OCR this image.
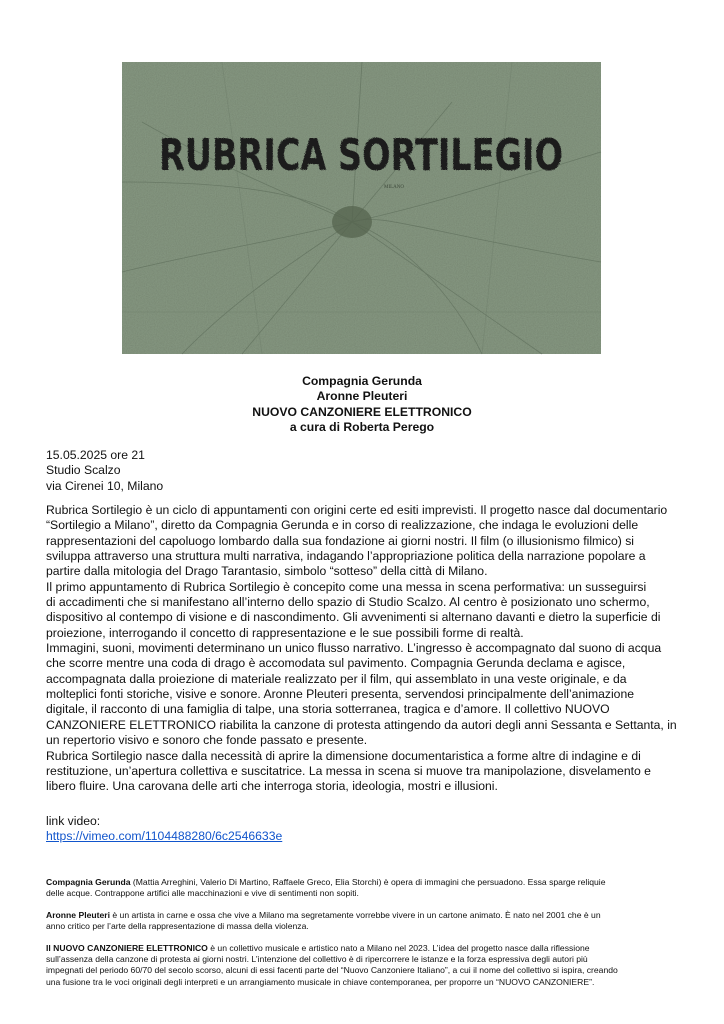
MILANO
RUBRICA SORTILEGIO
Compagnia Gerunda
Aronne Pleuteri
NUOVO CANZONIERE ELETTRONICO
a cura di Roberta Perego
15.05.2025 ore 21
Studio Scalzo
via Cirenei 10, Milano
Rubrica Sortilegio è un ciclo di appuntamenti con origini certe ed esiti imprevisti. Il progetto nasce dal documentario
“Sortilegio a Milano”, diretto da Compagnia Gerunda e in corso di realizzazione, che indaga le evoluzioni delle
rappresentazioni del capoluogo lombardo dalla sua fondazione ai giorni nostri. Il film (o illusionismo filmico) si
sviluppa attraverso una struttura multi narrativa, indagando l’appropriazione politica della narrazione popolare a
partire dalla mitologia del Drago Tarantasio, simbolo “sotteso” della città di Milano.
Il primo appuntamento di Rubrica Sortilegio è concepito come una messa in scena performativa: un susseguirsi
di accadimenti che si manifestano all’interno dello spazio di Studio Scalzo. Al centro è posizionato uno schermo,
dispositivo al contempo di visione e di nascondimento. Gli avvenimenti si alternano davanti e dietro la superficie di
proiezione, interrogando il concetto di rappresentazione e le sue possibili forme di realtà.
Immagini, suoni, movimenti determinano un unico flusso narrativo. L’ingresso è accompagnato dal suono di acqua
che scorre mentre una coda di drago è accomodata sul pavimento. Compagnia Gerunda declama e agisce,
accompagnata dalla proiezione di materiale realizzato per il film, qui assemblato in una veste originale, e da
molteplici fonti storiche, visive e sonore. Aronne Pleuteri presenta, servendosi principalmente dell’animazione
digitale, il racconto di una famiglia di talpe, una storia sotterranea, tragica e d’amore. Il collettivo NUOVO
CANZONIERE ELETTRONICO riabilita la canzone di protesta attingendo da autori degli anni Sessanta e Settanta, in
un repertorio visivo e sonoro che fonde passato e presente.
Rubrica Sortilegio nasce dalla necessità di aprire la dimensione documentaristica a forme altre di indagine e di
restituzione, un’apertura collettiva e suscitatrice. La messa in scena si muove tra manipolazione, disvelamento e
libero fluire. Una carovana delle arti che interroga storia, ideologia, mostri e illusioni.
link video:
https://vimeo.com/1104488280/6c2546633e
Compagnia Gerunda (Mattia Arreghini, Valerio Di Martino, Raffaele Greco, Elia Storchi) è opera di immagini che persuadono. Essa sparge reliquie
delle acque. Contrappone artifici alle macchinazioni e vive di sentimenti non sopiti.
Aronne Pleuteri è un artista in carne e ossa che vive a Milano ma segretamente vorrebbe vivere in un cartone animato. È nato nel 2001 che è un
anno critico per l’arte della rappresentazione di massa della violenza.
Il NUOVO CANZONIERE ELETTRONICO è un collettivo musicale e artistico nato a Milano nel 2023. L’idea del progetto nasce dalla riflessione
sull’assenza della canzone di protesta ai giorni nostri. L’intenzione del collettivo è di ripercorrere le istanze e la forza espressiva degli autori più
impegnati del periodo 60/70 del secolo scorso, alcuni di essi facenti parte del “Nuovo Canzoniere Italiano”, a cui il nome del collettivo si ispira, creando
una fusione tra le voci originali degli interpreti e un arrangiamento musicale in chiave contemporanea, per proporre un “NUOVO CANZONIERE”.
